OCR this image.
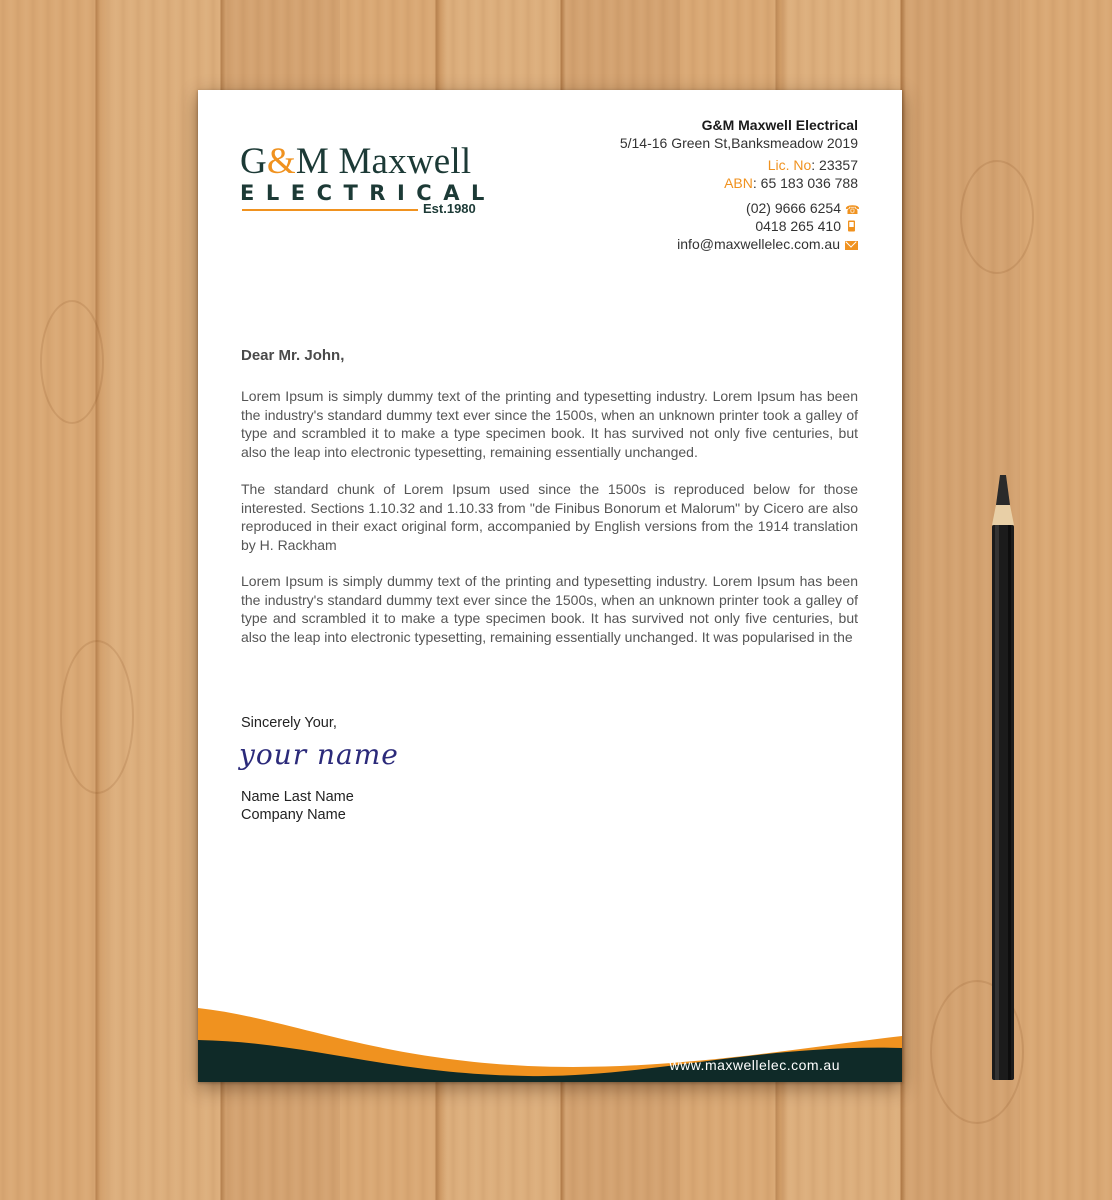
G&M Maxwell
ELECTRICAL
Est.1980
G&M Maxwell Electrical
5/14-16 Green St,Banksmeadow 2019
Lic. No: 23357
ABN: 65 183 036 788
(02) 9666 6254 ☎
0418 265 410
info@maxwellelec.com.au
Dear Mr. John,

Lorem Ipsum is simply dummy text of the printing and typesetting industry. Lorem Ipsum has been the industry's standard dummy text ever since the 1500s, when an unknown printer took a galley of type and scrambled it to make a type specimen book. It has survived not only five centuries, but also the leap into electronic typesetting, remaining essentially unchanged.

The standard chunk of Lorem Ipsum used since the 1500s is reproduced below for those interested. Sections 1.10.32 and 1.10.33 from "de Finibus Bonorum et Malorum" by Cicero are also reproduced in their exact original form, accompanied by English versions from the 1914 translation by H. Rackham

Lorem Ipsum is simply dummy text of the printing and typesetting industry. Lorem Ipsum has been the industry's standard dummy text ever since the 1500s, when an unknown printer took a galley of type and scrambled it to make a type specimen book. It has survived not only five centuries, but also the leap into electronic typesetting, remaining essentially unchanged. It was popularised in the

Sincerely Your,
your name
Name Last Name
Company Name
www.maxwellelec.com.au
